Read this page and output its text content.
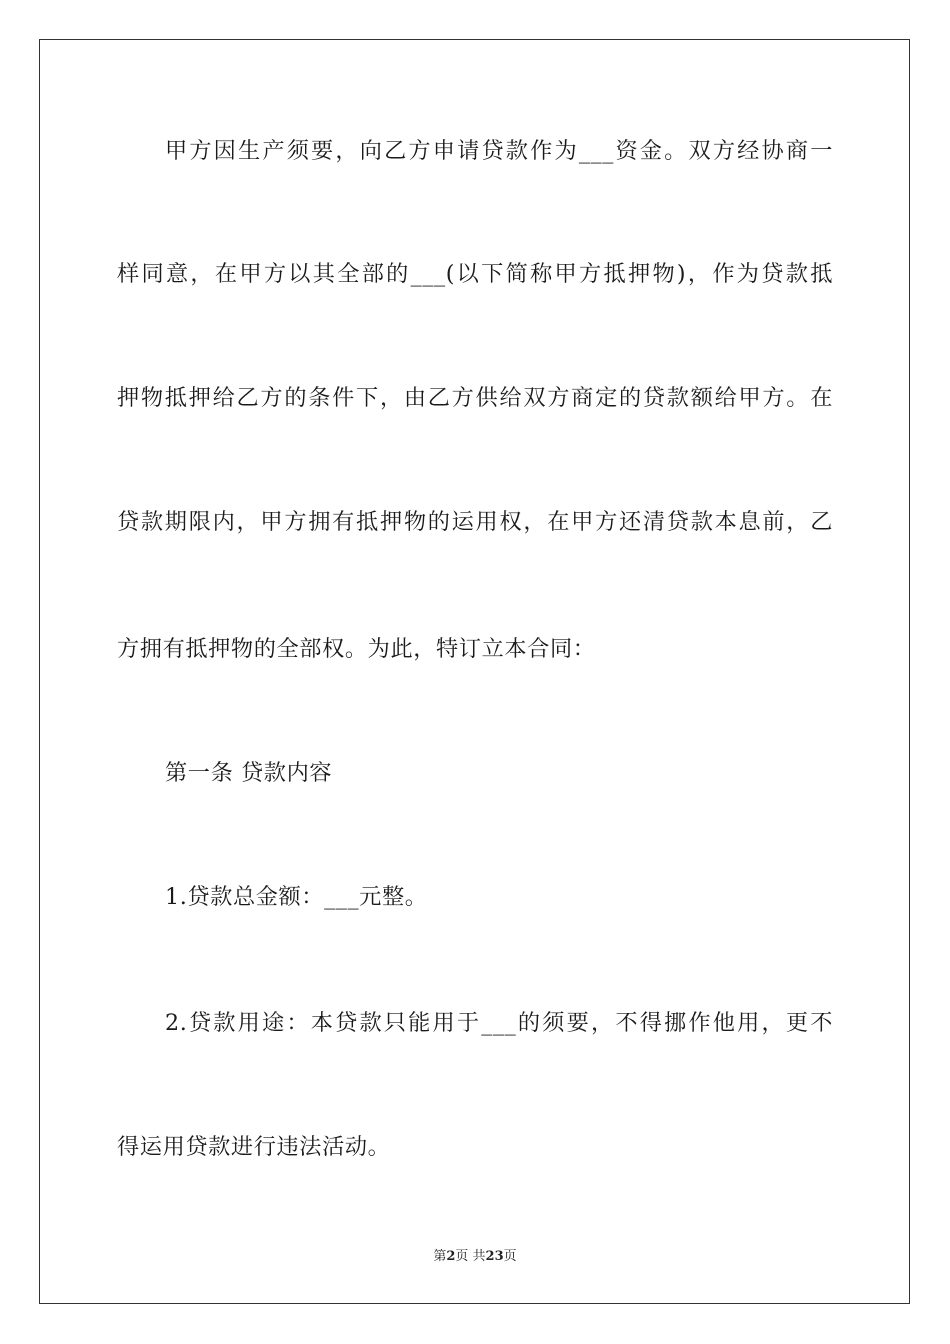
甲方因生产须要，向乙方申请贷款作为___资金。双方经协商一
样同意，在甲方以其全部的___(以下简称甲方抵押物)，作为贷款抵
押物抵押给乙方的条件下，由乙方供给双方商定的贷款额给甲方。在
贷款期限内，甲方拥有抵押物的运用权，在甲方还清贷款本息前，乙
方拥有抵押物的全部权。为此，特订立本合同：
第一条 贷款内容
1.贷款总金额：___元整。
2.贷款用途：本贷款只能用于___的须要，不得挪作他用，更不
得运用贷款进行违法活动。
第2页 共23页
